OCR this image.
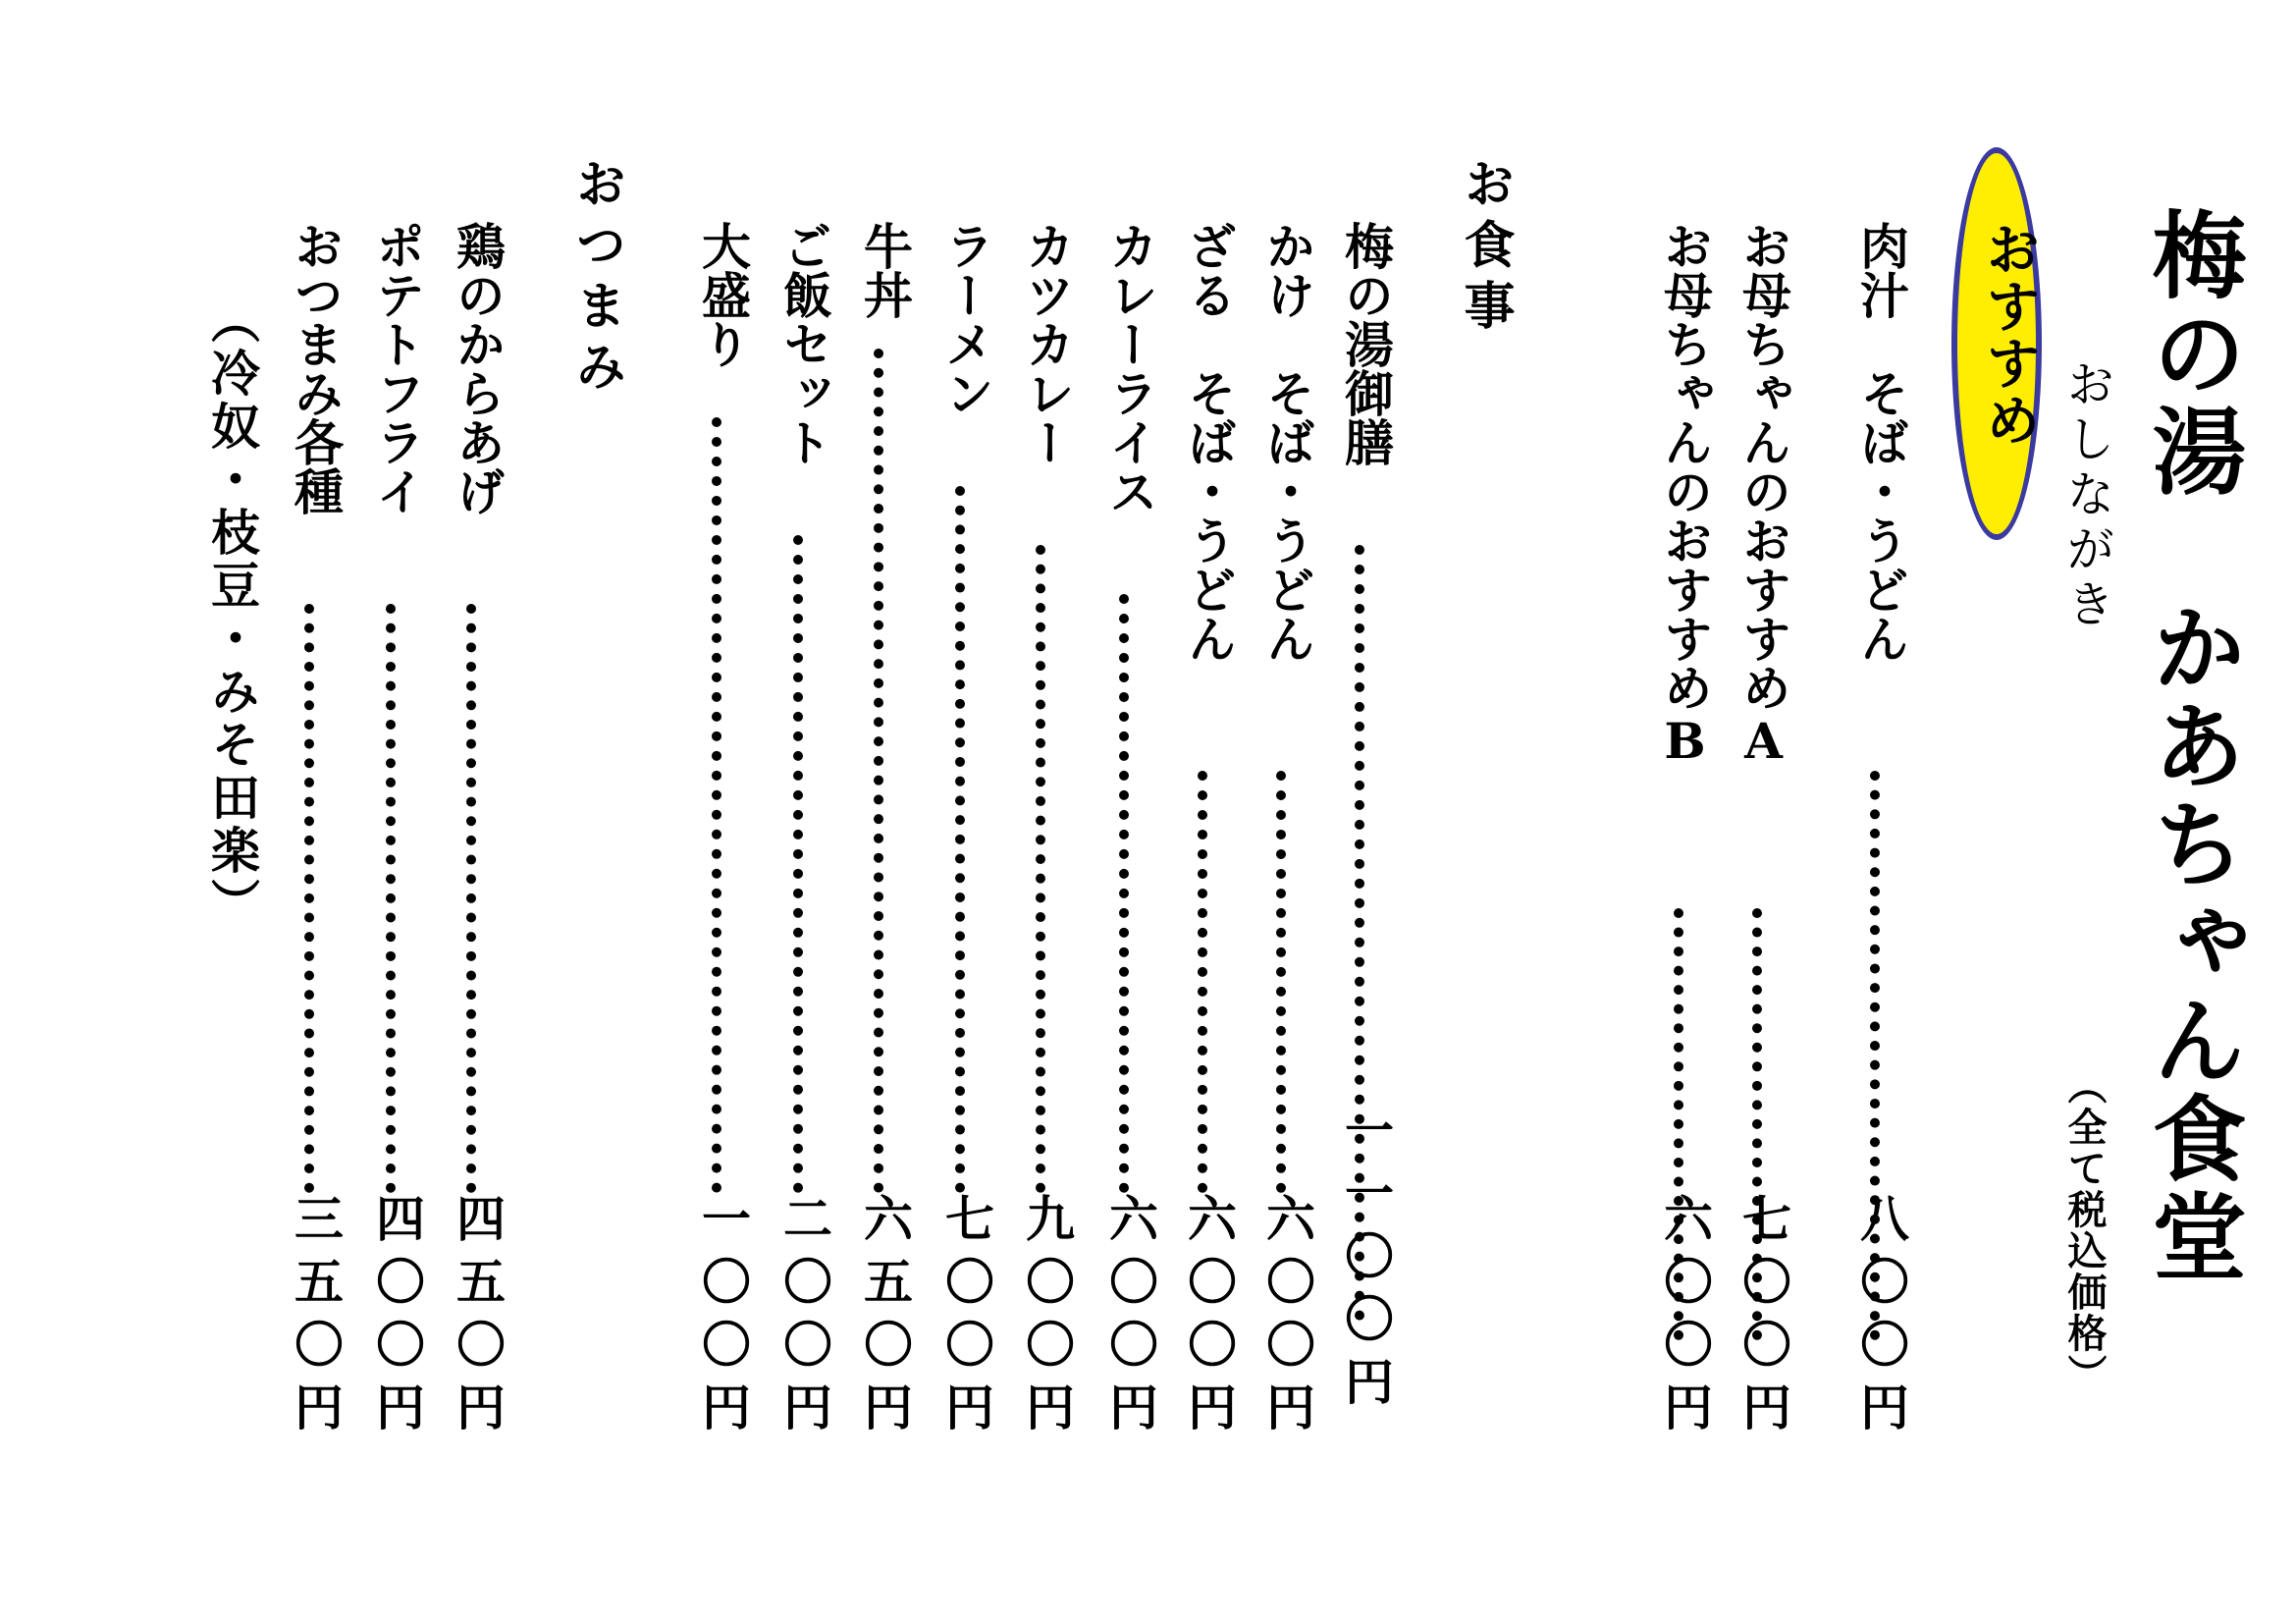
梅の湯　かあちゃん食堂
おしながき
（全て税込価格）
おすすめ
肉汁　そば・うどん
八〇〇円
お母ちゃんのおすすめA
七〇〇円
お母ちゃんのおすすめB
六〇〇円
お食事
梅の湯御膳
一一〇〇円
かけ　そば・うどん
六〇〇円
ざる　そば・うどん
六〇〇円
カレーライス
六〇〇円
カツカレー
九〇〇円
ラーメン
七〇〇円
牛丼
六五〇円
ご飯セット
二〇〇円
大盛り
一〇〇円
おつまみ
鶏のからあげ
四五〇円
ポテトフライ
四〇〇円
おつまみ各種
三五〇円
（冷奴・枝豆・みそ田楽）
